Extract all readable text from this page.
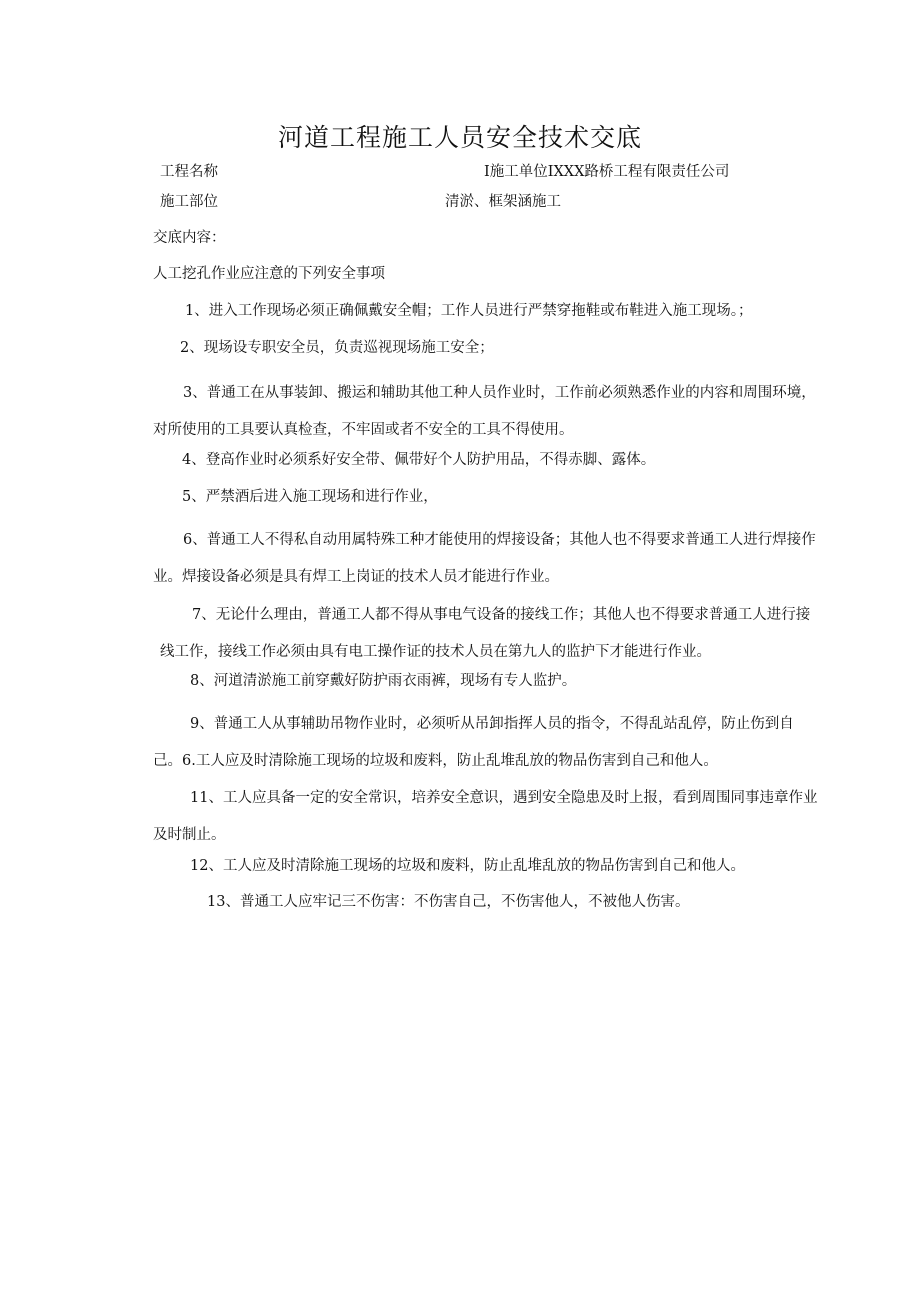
河道工程施工人员安全技术交底
工程名称	I施工单位IXXX路桥工程有限责任公司
施工部位	清淤、框架涵施工
交底内容：
人工挖孔作业应注意的下列安全事项
1、进入工作现场必须正确佩戴安全帽；工作人员进行严禁穿拖鞋或布鞋进入施工现场。；
2、现场设专职安全员，负责巡视现场施工安全；
3、普通工在从事装卸、搬运和辅助其他工种人员作业时，工作前必须熟悉作业的内容和周围环境，对所使用的工具要认真检查，不牢固或者不安全的工具不得使用。
4、登高作业时必须系好安全带、佩带好个人防护用品，不得赤脚、露体。
5、严禁酒后进入施工现场和进行作业，
6、普通工人不得私自动用属特殊工种才能使用的焊接设备；其他人也不得要求普通工人进行焊接作业。焊接设备必须是具有焊工上岗证的技术人员才能进行作业。
7、无论什么理由，普通工人都不得从事电气设备的接线工作；其他人也不得要求普通工人进行接线工作，接线工作必须由具有电工操作证的技术人员在第九人的监护下才能进行作业。
8、河道清淤施工前穿戴好防护雨衣雨裤，现场有专人监护。
9、普通工人从事辅助吊物作业时，必须听从吊卸指挥人员的指令，不得乱站乱停，防止伤到自己。6.工人应及时清除施工现场的垃圾和废料，防止乱堆乱放的物品伤害到自己和他人。
11、工人应具备一定的安全常识，培养安全意识，遇到安全隐患及时上报，看到周围同事违章作业及时制止。
12、工人应及时清除施工现场的垃圾和废料，防止乱堆乱放的物品伤害到自己和他人。
13、普通工人应牢记三不伤害：不伤害自己，不伤害他人，不被他人伤害。
